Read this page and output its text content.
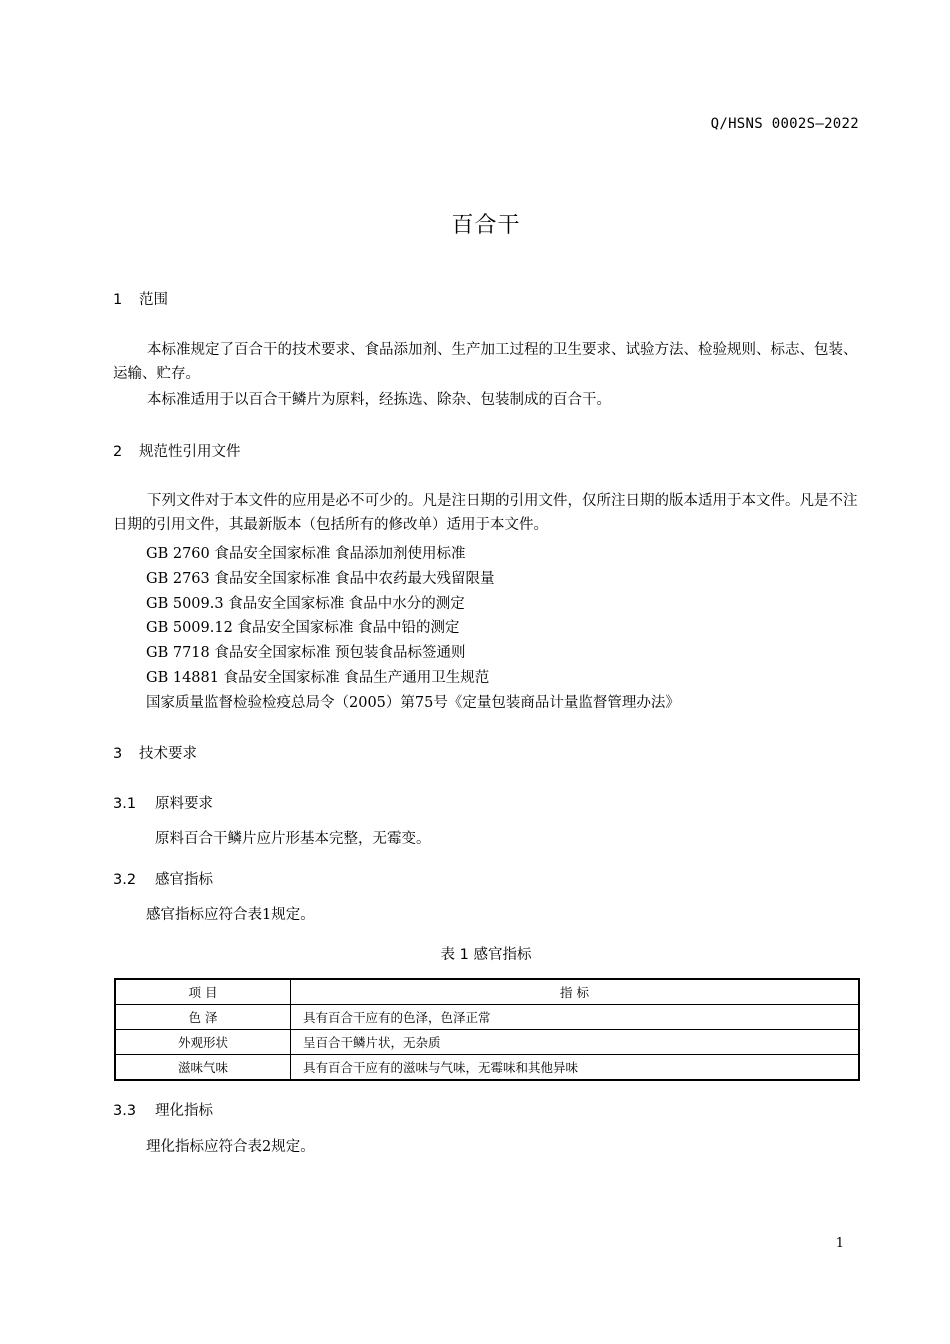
Q/HSNS 0002S—2022
百合干
1 范围
本标准规定了百合干的技术要求、食品添加剂、生产加工过程的卫生要求、试验方法、检验规则、标志、包装、运输、贮存。
本标准适用于以百合干鳞片为原料，经拣选、除杂、包装制成的百合干。
2 规范性引用文件
下列文件对于本文件的应用是必不可少的。凡是注日期的引用文件，仅所注日期的版本适用于本文件。凡是不注日期的引用文件，其最新版本（包括所有的修改单）适用于本文件。
GB 2760 食品安全国家标准 食品添加剂使用标准
GB 2763 食品安全国家标准 食品中农药最大残留限量
GB 5009.3 食品安全国家标准 食品中水分的测定
GB 5009.12 食品安全国家标准 食品中铅的测定
GB 7718 食品安全国家标准 预包装食品标签通则
GB 14881 食品安全国家标准 食品生产通用卫生规范
国家质量监督检验检疫总局令（2005）第75号《定量包装商品计量监督管理办法》
3 技术要求
3.1 原料要求
原料百合干鳞片应片形基本完整，无霉变。
3.2 感官指标
感官指标应符合表1规定。
表 1 感官指标
项 目	指 标
色 泽	具有百合干应有的色泽，色泽正常
外观形状	呈百合干鳞片状，无杂质
滋味气味	具有百合干应有的滋味与气味，无霉味和其他异味
3.3 理化指标
理化指标应符合表2规定。
1
